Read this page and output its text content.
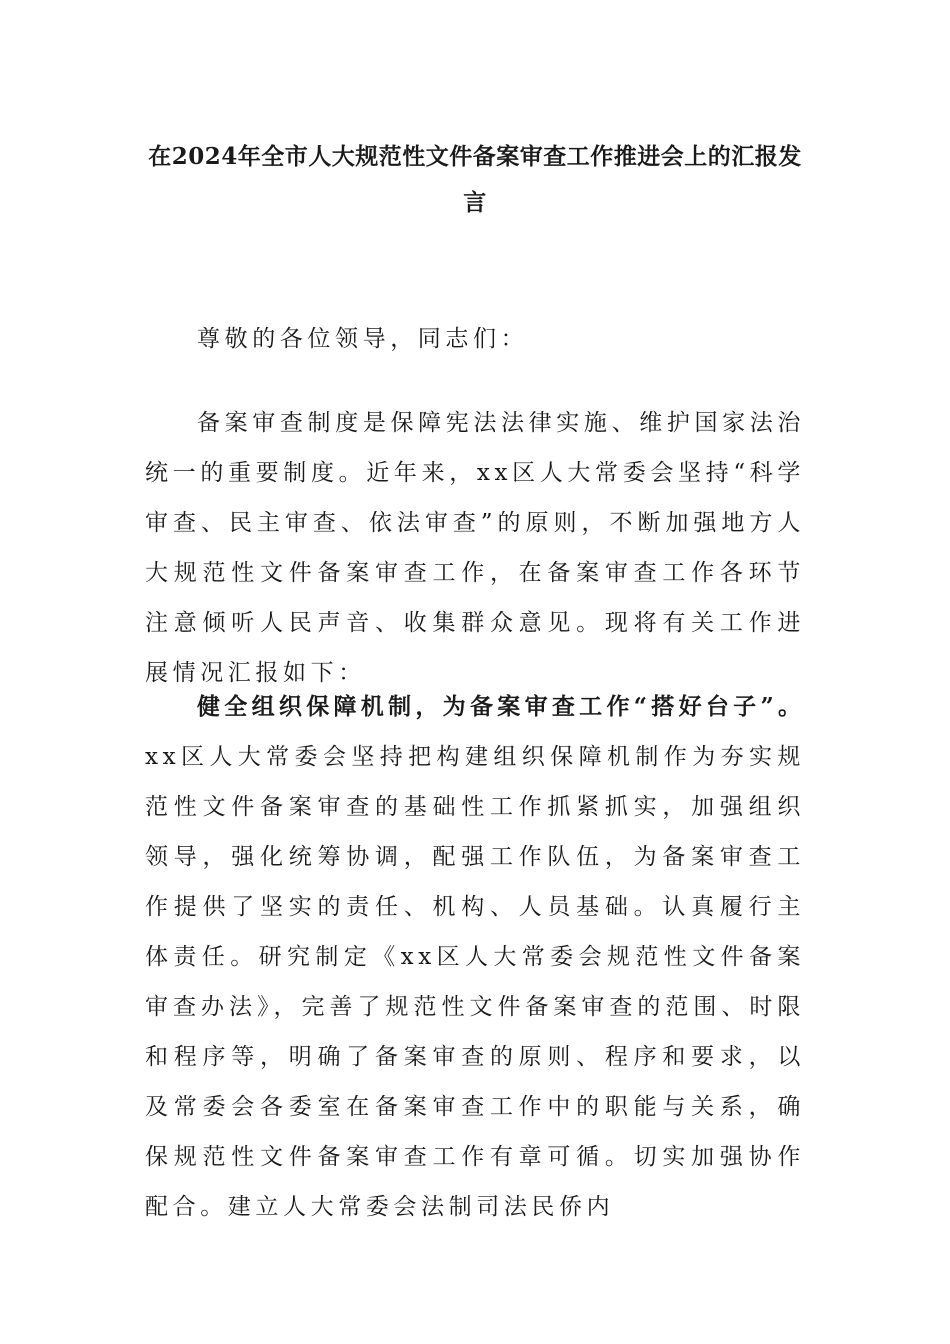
在2024年全市人大规范性文件备案审查工作推进会上的汇报发言

尊敬的各位领导，同志们：

备案审查制度是保障宪法法律实施、维护国家法治统一的重要制度。近年来，xx区人大常委会坚持“科学审查、民主审查、依法审查”的原则，不断加强地方人大规范性文件备案审查工作，在备案审查工作各环节注意倾听人民声音、收集群众意见。现将有关工作进展情况汇报如下：

健全组织保障机制，为备案审查工作“搭好台子”。xx区人大常委会坚持把构建组织保障机制作为夯实规范性文件备案审查的基础性工作抓紧抓实，加强组织领导，强化统筹协调，配强工作队伍，为备案审查工作提供了坚实的责任、机构、人员基础。认真履行主体责任。研究制定《xx区人大常委会规范性文件备案审查办法》，完善了规范性文件备案审查的范围、时限和程序等，明确了备案审查的原则、程序和要求，以及常委会各委室在备案审查工作中的职能与关系，确保规范性文件备案审查工作有章可循。切实加强协作配合。建立人大常委会法制司法民侨内
